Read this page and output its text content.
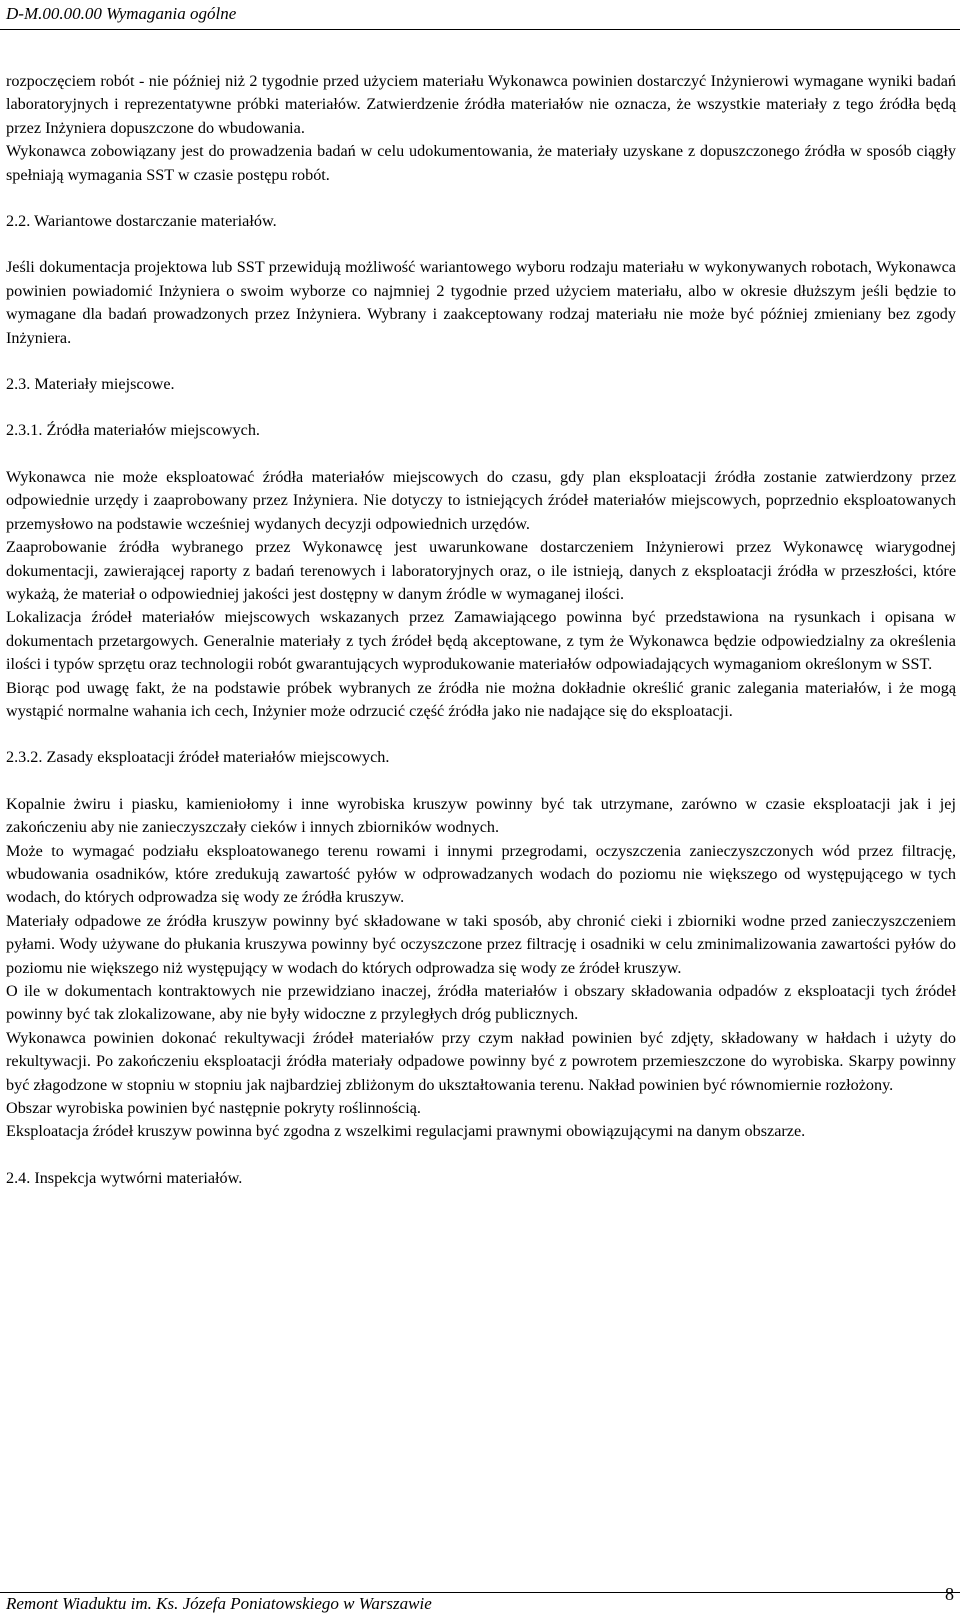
D-M.00.00.00 Wymagania ogólne

rozpoczęciem robót - nie później niż 2 tygodnie przed użyciem materiału Wykonawca powinien dostarczyć Inżynierowi wymagane wyniki badań laboratoryjnych i reprezentatywne próbki materiałów. Zatwierdzenie źródła materiałów nie oznacza, że wszystkie materiały z tego źródła będą przez Inżyniera dopuszczone do wbudowania.

Wykonawca zobowiązany jest do prowadzenia badań w celu udokumentowania, że materiały uzyskane z dopuszczonego źródła w sposób ciągły spełniają wymagania SST w czasie postępu robót.

2.2. Wariantowe dostarczanie materiałów.

Jeśli dokumentacja projektowa lub SST przewidują możliwość wariantowego wyboru rodzaju materiału w wykonywanych robotach, Wykonawca powinien powiadomić Inżyniera o swoim wyborze co najmniej 2 tygodnie przed użyciem materiału, albo w okresie dłuższym jeśli będzie to wymagane dla badań prowadzonych przez Inżyniera. Wybrany i zaakceptowany rodzaj materiału nie może być później zmieniany bez zgody Inżyniera.

2.3. Materiały miejscowe.

2.3.1. Źródła materiałów miejscowych.

Wykonawca nie może eksploatować źródła materiałów miejscowych do czasu, gdy plan eksploatacji źródła zostanie zatwierdzony przez odpowiednie urzędy i zaaprobowany przez Inżyniera. Nie dotyczy to istniejących źródeł materiałów miejscowych, poprzednio eksploatowanych przemysłowo na podstawie wcześniej wydanych decyzji odpowiednich urzędów.

Zaaprobowanie źródła wybranego przez Wykonawcę jest uwarunkowane dostarczeniem Inżynierowi przez Wykonawcę wiarygodnej dokumentacji, zawierającej raporty z badań terenowych i laboratoryjnych oraz, o ile istnieją, danych z eksploatacji źródła w przeszłości, które wykażą, że materiał o odpowiedniej jakości jest dostępny w danym źródle w wymaganej ilości.

Lokalizacja źródeł materiałów miejscowych wskazanych przez Zamawiającego powinna być przedstawiona na rysunkach i opisana w dokumentach przetargowych. Generalnie materiały z tych źródeł będą akceptowane, z tym że Wykonawca będzie odpowiedzialny za określenia ilości i typów sprzętu oraz technologii robót gwarantujących wyprodukowanie materiałów odpowiadających wymaganiom określonym w SST.

Biorąc pod uwagę fakt, że na podstawie próbek wybranych ze źródła nie można dokładnie określić granic zalegania materiałów, i że mogą wystąpić normalne wahania ich cech, Inżynier może odrzucić część źródła jako nie nadające się do eksploatacji.

2.3.2. Zasady eksploatacji źródeł materiałów miejscowych.

Kopalnie żwiru i piasku, kamieniołomy i inne wyrobiska kruszyw powinny być tak utrzymane, zarówno w czasie eksploatacji jak i jej zakończeniu aby nie zanieczyszczały cieków i innych zbiorników wodnych.

Może to wymagać podziału eksploatowanego terenu rowami i innymi przegrodami, oczyszczenia zanieczyszczonych wód przez filtrację, wbudowania osadników, które zredukują zawartość pyłów w odprowadzanych wodach do poziomu nie większego od występującego w tych wodach, do których odprowadza się wody ze źródła kruszyw.

Materiały odpadowe ze źródła kruszyw powinny być składowane w taki sposób, aby chronić cieki i zbiorniki wodne przed zanieczyszczeniem pyłami. Wody używane do płukania kruszywa powinny być oczyszczone przez filtrację i osadniki w celu zminimalizowania zawartości pyłów do poziomu nie większego niż występujący w wodach do których odprowadza się wody ze źródeł kruszyw.

O ile w dokumentach kontraktowych nie przewidziano inaczej, źródła materiałów i obszary składowania odpadów z eksploatacji tych źródeł powinny być tak zlokalizowane, aby nie były widoczne z przyległych dróg publicznych.

Wykonawca powinien dokonać rekultywacji źródeł materiałów przy czym nakład powinien być zdjęty, składowany w hałdach i użyty do rekultywacji. Po zakończeniu eksploatacji źródła materiały odpadowe powinny być z powrotem przemieszczone do wyrobiska. Skarpy powinny być złagodzone w stopniu w stopniu jak najbardziej zbliżonym do ukształtowania terenu. Nakład powinien być równomiernie rozłożony.

Obszar wyrobiska powinien być następnie pokryty roślinnością.

Eksploatacja źródeł kruszyw powinna być zgodna z wszelkimi regulacjami prawnymi obowiązującymi na danym obszarze.

2.4. Inspekcja wytwórni materiałów.

Remont Wiaduktu im. Ks. Józefa Poniatowskiego w Warszawie	8
